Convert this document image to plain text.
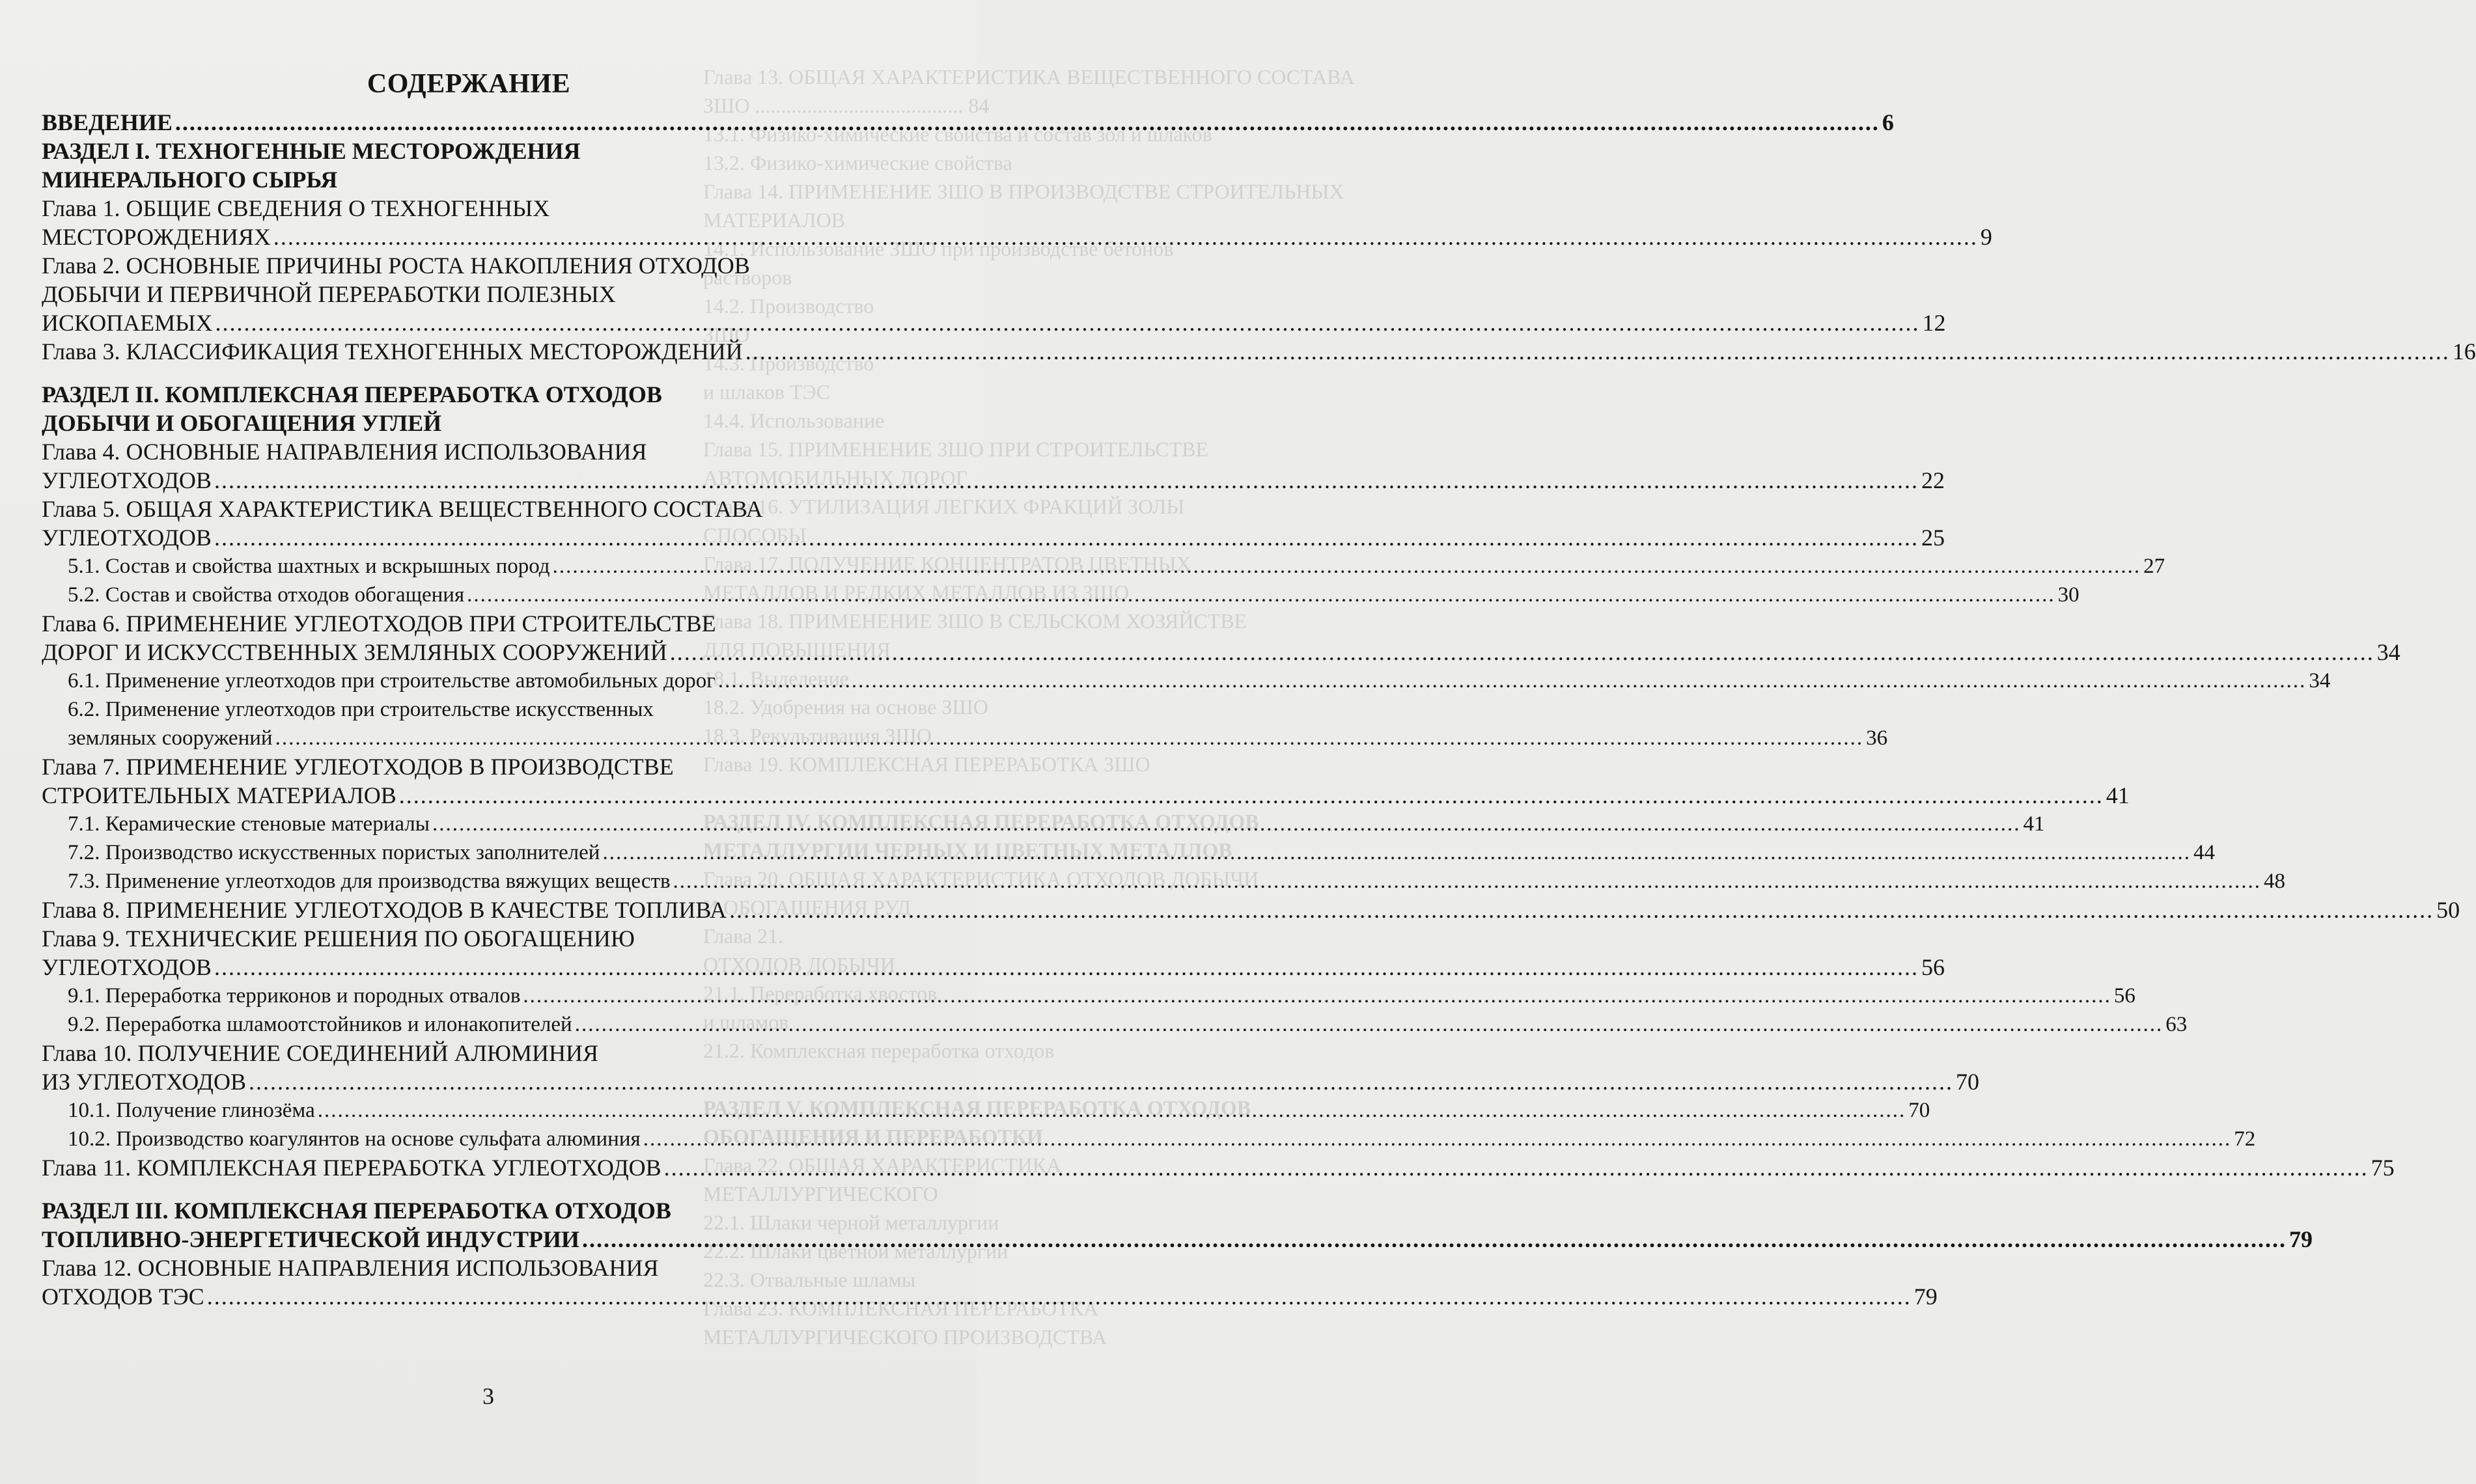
Глава 13. ОБЩАЯ ХАРАКТЕРИСТИКА ВЕЩЕСТВЕННОГО СОСТАВА
ЗШО ........................................ 84
13.1. Физико-химические свойства и состав зол и шлаков
13.2. Физико-химические свойства
Глава 14. ПРИМЕНЕНИЕ ЗШО В ПРОИЗВОДСТВЕ СТРОИТЕЛЬНЫХ
МАТЕРИАЛОВ
14.1. Использование ЗШО при производстве бетонов
растворов
14.2. Производство
ЗШО
14.3. Производство
и шлаков ТЭС
14.4. Использование
Глава 15. ПРИМЕНЕНИЕ ЗШО ПРИ СТРОИТЕЛЬСТВЕ
АВТОМОБИЛЬНЫХ ДОРОГ
Глава 16. УТИЛИЗАЦИЯ ЛЕГКИХ ФРАКЦИЙ ЗОЛЫ
СПОСОБЫ
Глава 17. ПОЛУЧЕНИЕ КОНЦЕНТРАТОВ ЦВЕТНЫХ
МЕТАЛЛОВ И РЕДКИХ МЕТАЛЛОВ ИЗ ЗШО
Глава 18. ПРИМЕНЕНИЕ ЗШО В СЕЛЬСКОМ ХОЗЯЙСТВЕ
ДЛЯ ПОВЫШЕНИЯ
18.1. Выделение
18.2. Удобрения на основе ЗШО
18.3. Рекультивация ЗШО
Глава 19. КОМПЛЕКСНАЯ ПЕРЕРАБОТКА ЗШО
РАЗДЕЛ IV. КОМПЛЕКСНАЯ ПЕРЕРАБОТКА ОТХОДОВ
МЕТАЛЛУРГИИ ЧЕРНЫХ И ЦВЕТНЫХ МЕТАЛЛОВ
Глава 20. ОБЩАЯ ХАРАКТЕРИСТИКА ОТХОДОВ ДОБЫЧИ
И ОБОГАЩЕНИЯ РУД
Глава 21.
ОТХОДОВ ДОБЫЧИ
21.1. Переработка хвостов
и шламов
21.2. Комплексная переработка отходов
РАЗДЕЛ V. КОМПЛЕКСНАЯ ПЕРЕРАБОТКА ОТХОДОВ
ОБОГАЩЕНИЯ И ПЕРЕРАБОТКИ
Глава 22. ОБЩАЯ ХАРАКТЕРИСТИКА
МЕТАЛЛУРГИЧЕСКОГО
22.1. Шлаки черной металлургии
22.2. Шлаки цветной металлургии
22.3. Отвальные шламы
Глава 23. КОМПЛЕКСНАЯ ПЕРЕРАБОТКА
МЕТАЛЛУРГИЧЕСКОГО ПРОИЗВОДСТВА
СОДЕРЖАНИЕ
ВВЕДЕНИЕ .....	6
РАЗДЕЛ I. ТЕХНОГЕННЫЕ МЕСТОРОЖДЕНИЯ
МИНЕРАЛЬНОГО СЫРЬЯ
Глава 1. ОБЩИЕ СВЕДЕНИЯ О ТЕХНОГЕННЫХ
МЕСТОРОЖДЕНИЯХ .....	9
Глава 2. ОСНОВНЫЕ ПРИЧИНЫ РОСТА НАКОПЛЕНИЯ ОТХОДОВ
ДОБЫЧИ И ПЕРВИЧНОЙ ПЕРЕРАБОТКИ ПОЛЕЗНЫХ
ИСКОПАЕМЫХ .....	12
Глава 3. КЛАССИФИКАЦИЯ ТЕХНОГЕННЫХ МЕСТОРОЖДЕНИЙ .....	16
РАЗДЕЛ II. КОМПЛЕКСНАЯ ПЕРЕРАБОТКА ОТХОДОВ
ДОБЫЧИ И ОБОГАЩЕНИЯ УГЛЕЙ
Глава 4. ОСНОВНЫЕ НАПРАВЛЕНИЯ ИСПОЛЬЗОВАНИЯ
УГЛЕОТХОДОВ .....	22
Глава 5. ОБЩАЯ ХАРАКТЕРИСТИКА ВЕЩЕСТВЕННОГО СОСТАВА
УГЛЕОТХОДОВ .....	25
5.1. Состав и свойства шахтных и вскрышных пород .....	27
5.2. Состав и свойства отходов обогащения .....	30
Глава 6. ПРИМЕНЕНИЕ УГЛЕОТХОДОВ ПРИ СТРОИТЕЛЬСТВЕ
ДОРОГ И ИСКУССТВЕННЫХ ЗЕМЛЯНЫХ СООРУЖЕНИЙ .....	34
6.1. Применение углеотходов при строительстве автомобильных дорог .....	34
6.2. Применение углеотходов при строительстве искусственных
земляных сооружений .....	36
Глава 7. ПРИМЕНЕНИЕ УГЛЕОТХОДОВ В ПРОИЗВОДСТВЕ
СТРОИТЕЛЬНЫХ МАТЕРИАЛОВ .....	41
7.1. Керамические стеновые материалы .....	41
7.2. Производство искусственных пористых заполнителей .....	44
7.3. Применение углеотходов для производства вяжущих веществ .....	48
Глава 8. ПРИМЕНЕНИЕ УГЛЕОТХОДОВ В КАЧЕСТВЕ ТОПЛИВА .....	50
Глава 9. ТЕХНИЧЕСКИЕ РЕШЕНИЯ ПО ОБОГАЩЕНИЮ
УГЛЕОТХОДОВ .....	56
9.1. Переработка терриконов и породных отвалов .....	56
9.2. Переработка шламоотстойников и илонакопителей .....	63
Глава 10. ПОЛУЧЕНИЕ СОЕДИНЕНИЙ АЛЮМИНИЯ
ИЗ УГЛЕОТХОДОВ .....	70
10.1. Получение глинозёма .....	70
10.2. Производство коагулянтов на основе сульфата алюминия .....	72
Глава 11. КОМПЛЕКСНАЯ ПЕРЕРАБОТКА УГЛЕОТХОДОВ .....	75
РАЗДЕЛ III. КОМПЛЕКСНАЯ ПЕРЕРАБОТКА ОТХОДОВ
ТОПЛИВНО-ЭНЕРГЕТИЧЕСКОЙ ИНДУСТРИИ .....	79
Глава 12. ОСНОВНЫЕ НАПРАВЛЕНИЯ ИСПОЛЬЗОВАНИЯ
ОТХОДОВ ТЭС .....	79
3
